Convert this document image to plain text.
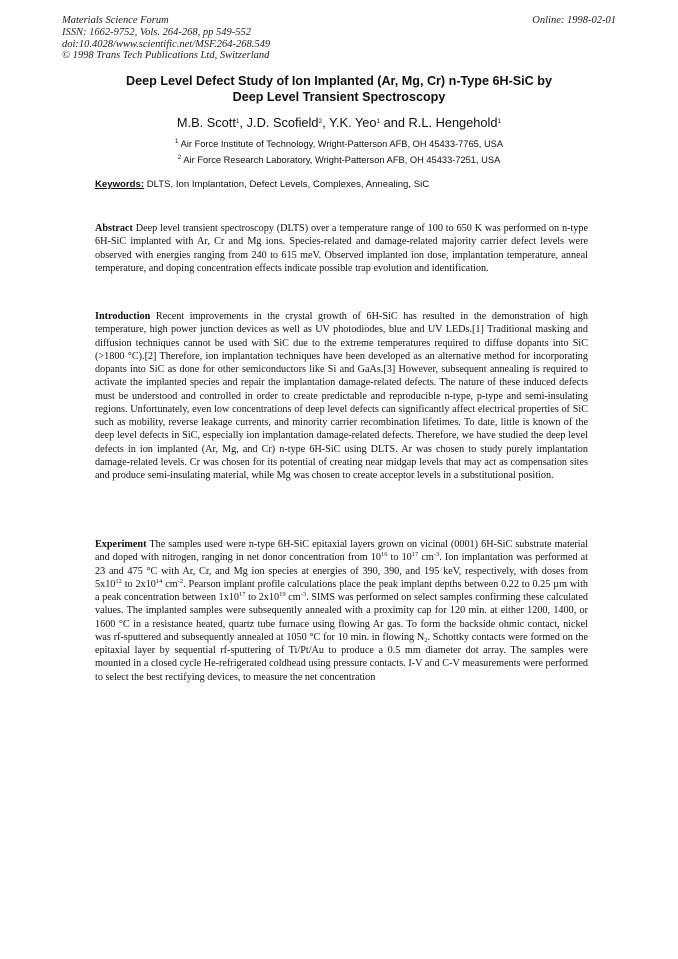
Materials Science Forum
ISSN: 1662-9752, Vols. 264-268, pp 549-552
doi:10.4028/www.scientific.net/MSF.264-268.549
© 1998 Trans Tech Publications Ltd, Switzerland
Online: 1998-02-01
Deep Level Defect Study of Ion Implanted (Ar, Mg, Cr) n-Type 6H-SiC by
Deep Level Transient Spectroscopy
M.B. Scott$^1$, J.D. Scofield$^2$, Y.K. Yeo$^1$ and R.L. Hengehold$^1$
$^1$ Air Force Institute of Technology, Wright-Patterson AFB, OH 45433-7765, USA
$^2$ Air Force Research Laboratory, Wright-Patterson AFB, OH 45433-7251, USA
Keywords: DLTS, Ion Implantation, Defect Levels, Complexes, Annealing, SiC
Abstract Deep level transient spectroscopy (DLTS) over a temperature range of 100 to 650 K was performed on n-type 6H-SiC implanted with Ar, Cr and Mg ions. Species-related and damage-related majority carrier defect levels were observed with energies ranging from 240 to 615 meV. Observed implanted ion dose, implantation temperature, anneal temperature, and doping concentration effects indicate possible trap evolution and identification.
Introduction Recent improvements in the crystal growth of 6H-SiC has resulted in the demonstration of high temperature, high power junction devices as well as UV photodiodes, blue and UV LEDs.[1] Traditional masking and diffusion techniques cannot be used with SiC due to the extreme temperatures required to diffuse dopants into SiC (>1800 °C).[2] Therefore, ion implantation techniques have been developed as an alternative method for incorporating dopants into SiC as done for other semiconductors like Si and GaAs.[3] However, subsequent annealing is required to activate the implanted species and repair the implantation damage-related defects. The nature of these induced defects must be understood and controlled in order to create predictable and reproducible n-type, p-type and semi-insulating regions. Unfortunately, even low concentrations of deep level defects can significantly affect electrical properties of SiC such as mobility, reverse leakage currents, and minority carrier recombination lifetimes. To date, little is known of the deep level defects in SiC, especially ion implantation damage-related defects. Therefore, we have studied the deep level defects in ion implanted (Ar, Mg, and Cr) n-type 6H-SiC using DLTS. Ar was chosen to study purely implantation damage-related levels. Cr was chosen for its potential of creating near midgap levels that may act as compensation sites and produce semi-insulating material, while Mg was chosen to create acceptor levels in a substitutional position.
Experiment The samples used were n-type 6H-SiC epitaxial layers grown on vicinal (0001) 6H-SiC substrate material and doped with nitrogen, ranging in net donor concentration from $10^{16}$ to $10^{17}$ $cm^{-3}$. Ion implantation was performed at 23 and 475 °C with Ar, Cr, and Mg ion species at energies of 390, 390, and 195 keV, respectively, with doses from $5x10^{12}$ to $2x10^{14}$ $cm^{-2}$. Pearson implant profile calculations place the peak implant depths between 0.22 to 0.25 µm with a peak concentration between $1x10^{17}$ to $2x10^{19}$ $cm^{-3}$. SIMS was performed on select samples confirming these calculated values. The implanted samples were subsequently annealed with a proximity cap for 120 min. at either 1200, 1400, or 1600 °C in a resistance heated, quartz tube furnace using flowing Ar gas. To form the backside ohmic contact, nickel was rf-sputtered and subsequently annealed at 1050 °C for 10 min. in flowing $N_2$. Schottky contacts were formed on the epitaxial layer by sequential rf-sputtering of Ti/Pt/Au to produce a 0.5 mm diameter dot array. The samples were mounted in a closed cycle He-refrigerated coldhead using pressure contacts. I-V and C-V measurements were performed to select the best rectifying devices, to measure the net concentration
